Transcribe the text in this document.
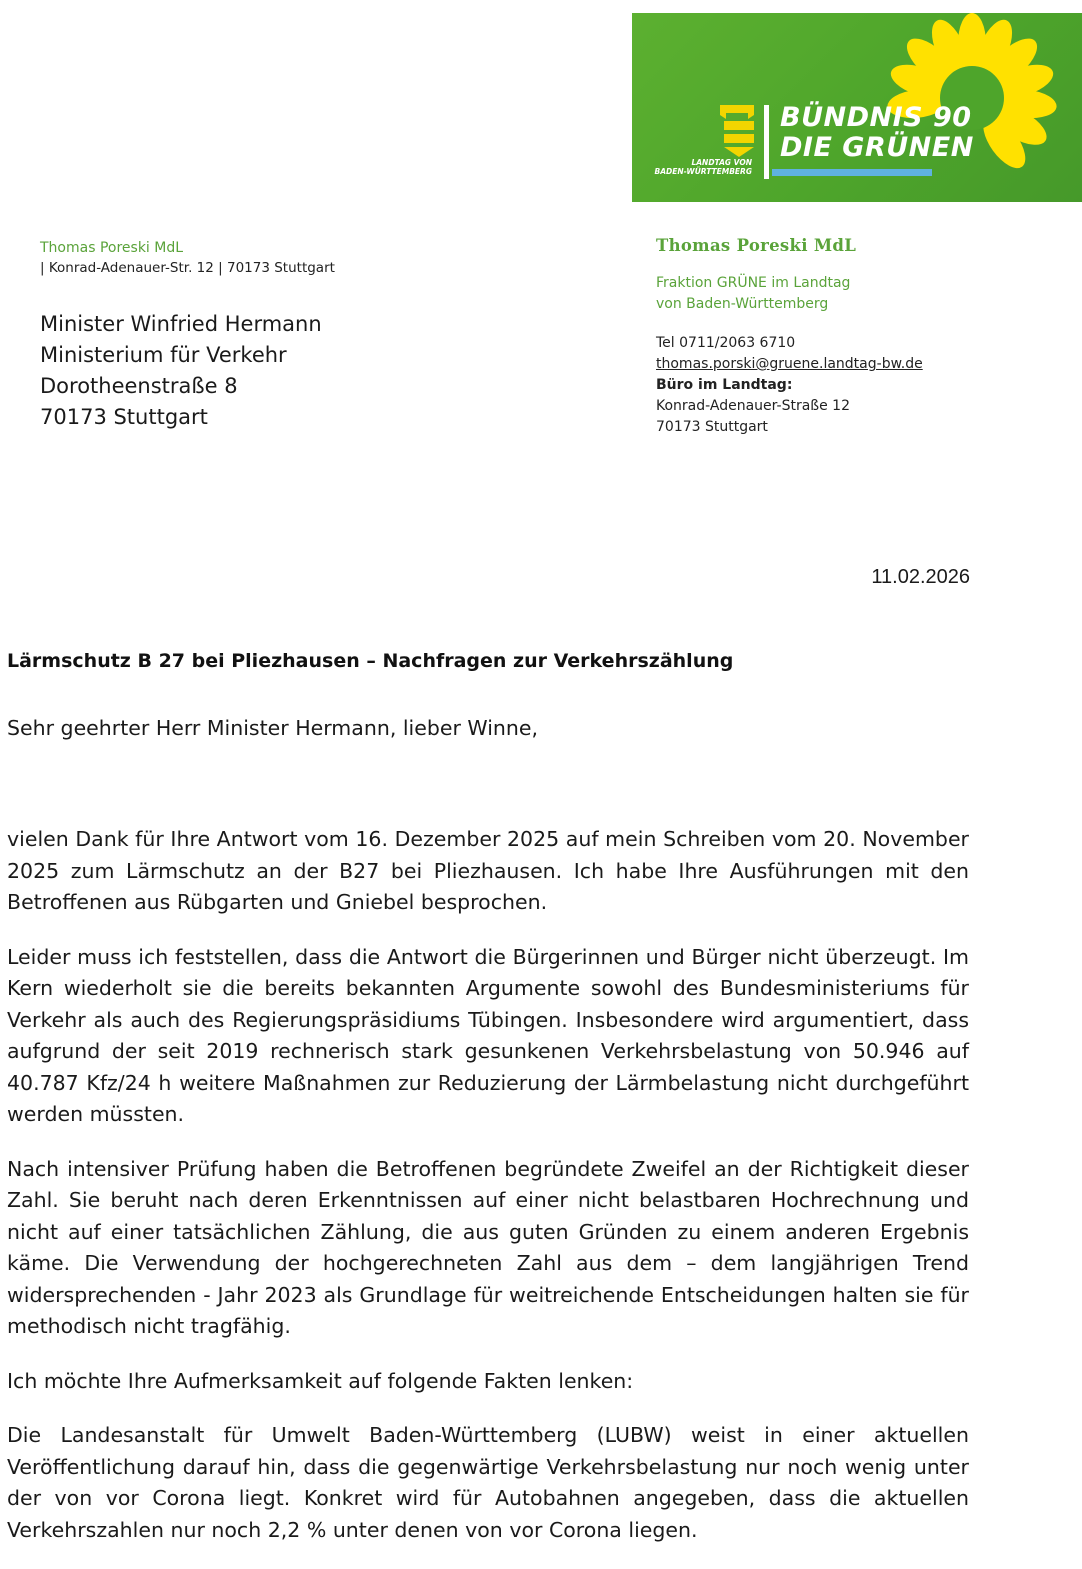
BÜNDNIS 90
DIE GRÜNEN
LANDTAG VON
BADEN-WÜRTTEMBERG
Thomas Poreski MdL
| Konrad-Adenauer-Str. 12 | 70173 Stuttgart
Minister Winfried Hermann
Ministerium für Verkehr
Dorotheenstraße 8
70173 Stuttgart
Thomas Poreski MdL
Fraktion GRÜNE im Landtag
von Baden-Württemberg
Tel 0711/2063 6710
thomas.porski@gruene.landtag-bw.de
Büro im Landtag:
Konrad-Adenauer-Straße 12
70173 Stuttgart
11.02.2026
Lärmschutz B 27 bei Pliezhausen – Nachfragen zur Verkehrszählung
Sehr geehrter Herr Minister Hermann, lieber Winne,

vielen Dank für Ihre Antwort vom 16. Dezember 2025 auf mein Schreiben vom 20. November 2025 zum Lärmschutz an der B27 bei Pliezhausen. Ich habe Ihre Ausführungen mit den Betroffenen aus Rübgarten und Gniebel besprochen.

Leider muss ich feststellen, dass die Antwort die Bürgerinnen und Bürger nicht überzeugt. Im Kern wiederholt sie die bereits bekannten Argumente sowohl des Bundesministeriums für Verkehr als auch des Regierungspräsidiums Tübingen. Insbesondere wird argumentiert, dass aufgrund der seit 2019 rechnerisch stark gesunkenen Verkehrsbelastung von 50.946 auf 40.787 Kfz/24 h weitere Maßnahmen zur Reduzierung der Lärmbelastung nicht durchgeführt werden müssten.

Nach intensiver Prüfung haben die Betroffenen begründete Zweifel an der Richtigkeit dieser Zahl. Sie beruht nach deren Erkenntnissen auf einer nicht belastbaren Hochrechnung und nicht auf einer tatsächlichen Zählung, die aus guten Gründen zu einem anderen Ergebnis käme. Die Verwendung der hochgerechneten Zahl aus dem – dem langjährigen Trend widersprechenden - Jahr 2023 als Grundlage für weitreichende Entscheidungen halten sie für methodisch nicht tragfähig.

Ich möchte Ihre Aufmerksamkeit auf folgende Fakten lenken:

Die Landesanstalt für Umwelt Baden-Württemberg (LUBW) weist in einer aktuellen Veröffentlichung darauf hin, dass die gegenwärtige Verkehrsbelastung nur noch wenig unter der von vor Corona liegt. Konkret wird für Autobahnen angegeben, dass die aktuellen Verkehrszahlen nur noch 2,2 % unter denen von vor Corona liegen.
